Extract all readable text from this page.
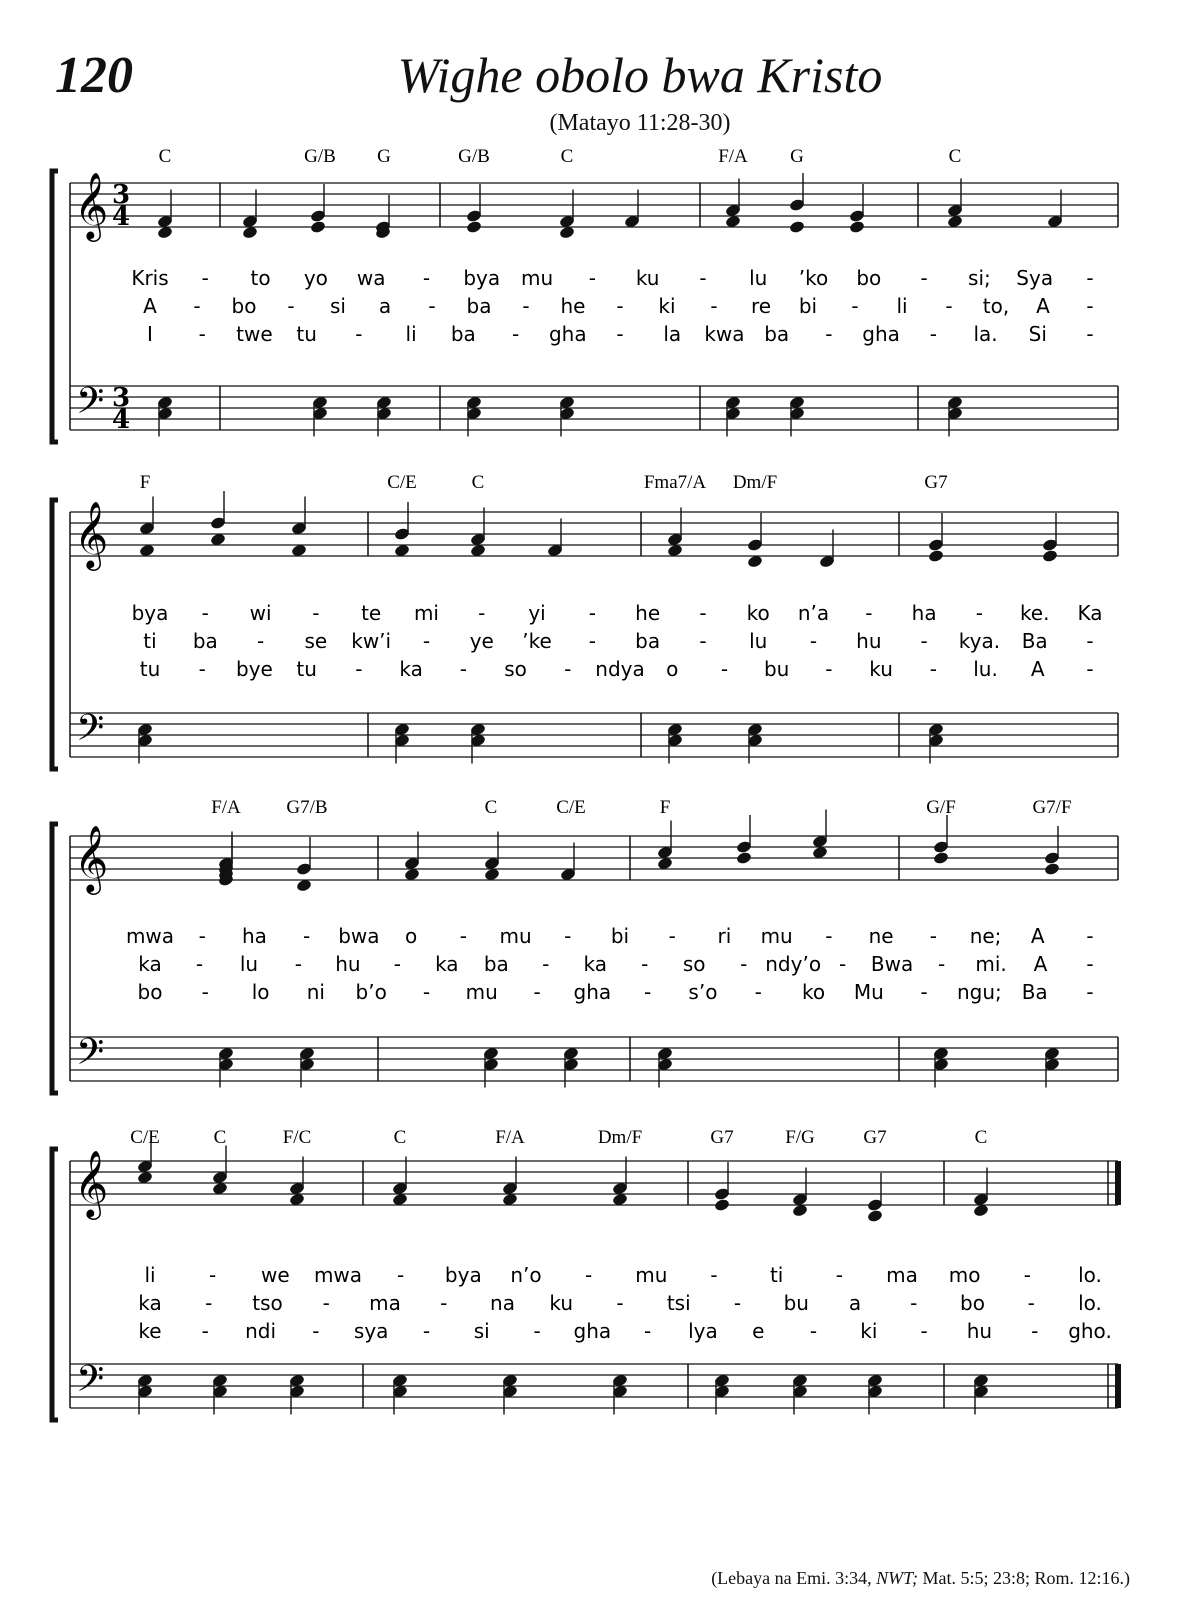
120	Wighe obolo bwa Kristo
(Matayo 11:28-30)
𝄞
𝄢
3
4
3
4
C	G/B G	G/B	C	F/A G	C
Kris - to yo wa - bya mu - ku - lu ’ko bo - si; Sya -
A - bo - si a - ba - he - ki - re bi - li - to, A -
I - twe tu - li ba - gha - la kwa ba - gha - la. Si -
𝄞
𝄢
F	C/E	C	Fma7/A Dm/F	G7
bya - wi - te mi - yi - he - ko n’a - ha - ke. Ka
ti ba - se kw’i - ye ’ke - ba - lu - hu - kya. Ba -
tu - bye tu - ka - so - ndya o - bu - ku - lu. A -
𝄞
𝄢
F/A G7/B	C	C/E	F	G/F	G7/F
mwa - ha - bwa o - mu - bi - ri mu - ne - ne; A -
ka - lu - hu - ka ba - ka - so - ndy’o - Bwa - mi. A -
bo - lo ni b’o - mu - gha - s’o - ko Mu - ngu; Ba -
𝄞
𝄢
C/E	C	F/C	C	F/A	Dm/F	G7	F/G	G7	C
li	- we mwa - bya n’o - mu -	ti	- ma mo - lo.
ka - tso - ma - na ku - tsi - bu a - bo - lo.
ke - ndi - sya - si - gha - lya e - ki - hu - gho.
(Lebaya na Emi. 3:34, NWT; Mat. 5:5; 23:8; Rom. 12:16.)
